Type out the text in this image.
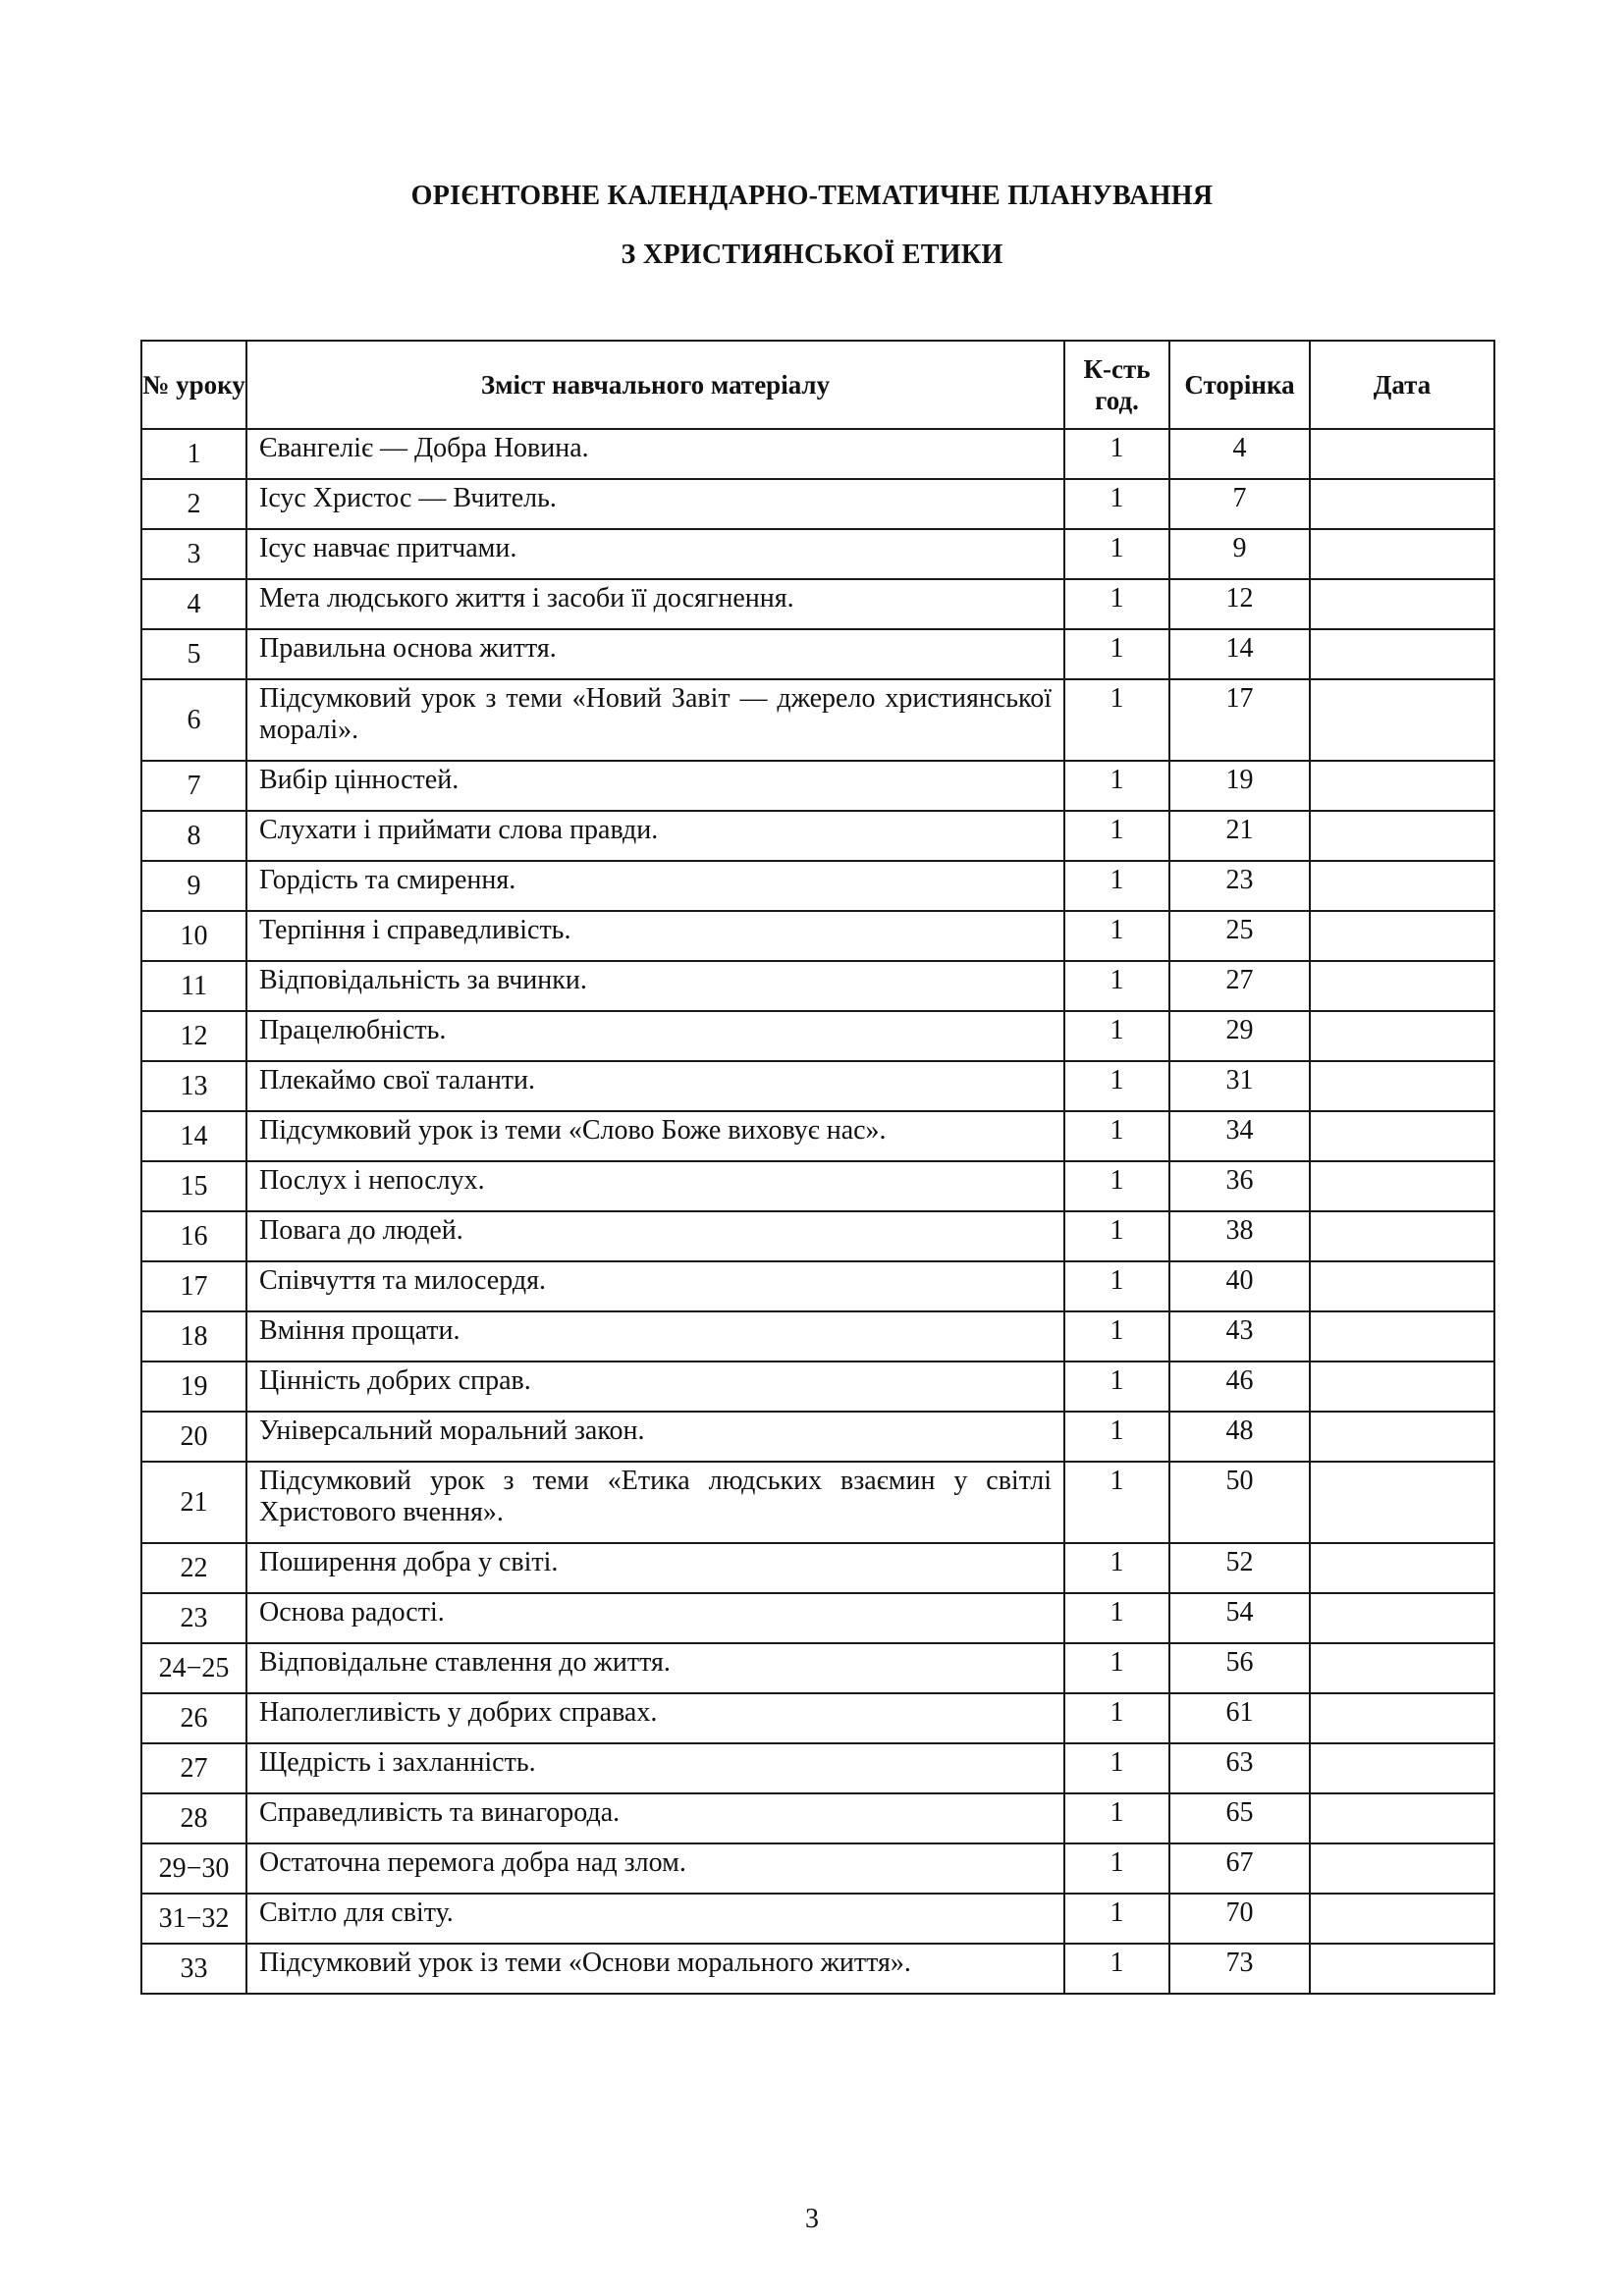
ОРІЄНТОВНЕ КАЛЕНДАРНО-ТЕМАТИЧНЕ ПЛАНУВАННЯ
З ХРИСТИЯНСЬКОЇ ЕТИКИ
№ уроку	Зміст навчального матеріалу	К-сть год.	Сторінка	Дата
1	Євангеліє — Добра Новина.	1	4	
2	Ісус Христос — Вчитель.	1	7	
3	Ісус навчає притчами.	1	9	
4	Мета людського життя і засоби її досягнення.	1	12	
5	Правильна основа життя.	1	14	
6	Підсумковий урок з теми «Новий Завіт — джерело християнської моралі».	1	17	
7	Вибір цінностей.	1	19	
8	Слухати і приймати слова правди.	1	21	
9	Гордість та смирення.	1	23	
10	Терпіння і справедливість.	1	25	
11	Відповідальність за вчинки.	1	27	
12	Працелюбність.	1	29	
13	Плекаймо свої таланти.	1	31	
14	Підсумковий урок із теми «Слово Боже виховує нас».	1	34	
15	Послух і непослух.	1	36	
16	Повага до людей.	1	38	
17	Співчуття та милосердя.	1	40	
18	Вміння прощати.	1	43	
19	Цінність добрих справ.	1	46	
20	Універсальний моральний закон.	1	48	
21	Підсумковий урок з теми «Етика людських взаємин у світлі Христового вчення».	1	50	
22	Поширення добра у світі.	1	52	
23	Основа радості.	1	54	
24−25	Відповідальне ставлення до життя.	1	56	
26	Наполегливість у добрих справах.	1	61	
27	Щедрість і захланність.	1	63	
28	Справедливість та винагорода.	1	65	
29−30	Остаточна перемога добра над злом.	1	67	
31−32	Світло для світу.	1	70	
33	Підсумковий урок із теми «Основи морального життя».	1	73	
3
